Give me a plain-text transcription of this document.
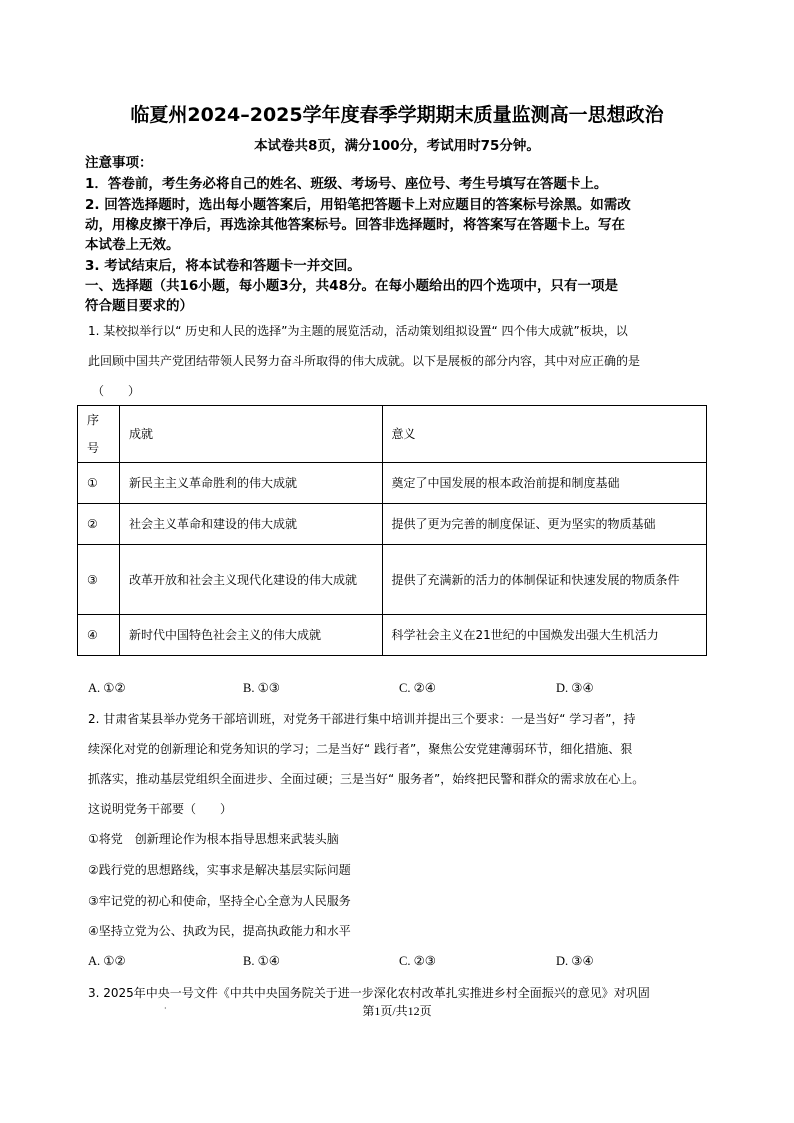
临夏州2024–2025学年度春季学期期末质量监测高一思想政治
本试卷共8页，满分100分，考试用时75分钟。
注意事项：
1．答卷前，考生务必将自己的姓名、班级、考场号、座位号、考生号填写在答题卡上。
2. 回答选择题时，选出每小题答案后，用铅笔把答题卡上对应题目的答案标号涂黑。如需改
动，用橡皮擦干净后，再选涂其他答案标号。回答非选择题时，将答案写在答题卡上。写在
本试卷上无效。
3. 考试结束后，将本试卷和答题卡一并交回。
一、选择题（共16小题，每小题3分，共48分。在每小题给出的四个选项中，只有一项是
符合题目要求的）
1. 某校拟举行以“ 历史和人民的选择”为主题的展览活动，活动策划组拟设置“ 四个伟大成就”板块，以
此回顾中国共产党团结带领人民努力奋斗所取得的伟大成就。以下是展板的部分内容，其中对应正确的是
（　　）
序号	成就	意义
①	新民主主义革命胜利的伟大成就	奠定了中国发展的根本政治前提和制度基础
②	社会主义革命和建设的伟大成就	提供了更为完善的制度保证、更为坚实的物质基础
③	改革开放和社会主义现代化建设的伟大成就	提供了充满新的活力的体制保证和快速发展的物质条件
④	新时代中国特色社会主义的伟大成就	科学社会主义在21世纪的中国焕发出强大生机活力
A. ①②	B. ①③	C. ②④	D. ③④
2. 甘肃省某县举办党务干部培训班，对党务干部进行集中培训并提出三个要求：一是当好“ 学习者”，持
续深化对党的创新理论和党务知识的学习；二是当好“ 践行者”，聚焦公安党建薄弱环节，细化措施、狠
抓落实，推动基层党组织全面进步、全面过硬；三是当好“ 服务者”，始终把民警和群众的需求放在心上。
这说明党务干部要（　　）
①将党　创新理论作为根本指导思想来武装头脑
②践行党的思想路线，实事求是解决基层实际问题
③牢记党的初心和使命，坚持全心全意为人民服务
④坚持立党为公、执政为民，提高执政能力和水平
A. ①②	B. ①④	C. ②③	D. ③④
3. 2025年中央一号文件《中共中央国务院关于进一步深化农村改革扎实推进乡村全面振兴的意见》对巩固
·	第1页/共12页
